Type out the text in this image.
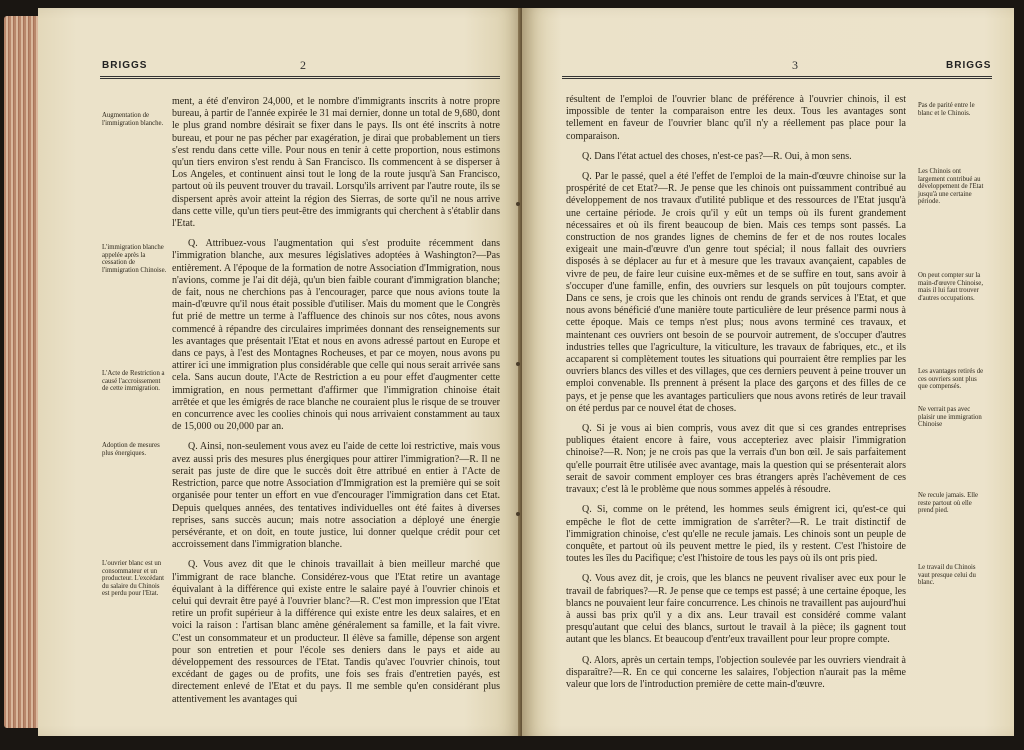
BRIGGS	2
Augmentation de l'immigration blanche.
L'immigration blanche appelée après la cessation de l'immigration Chinoise.
L'Acte de Restriction a causé l'accroissement de cette immigration.
Adoption de mesures plus énergiques.
L'ouvrier blanc est un consommateur et un producteur. L'excédant du salaire du Chinois est perdu pour l'Etat.

ment, a été d'environ 24,000, et le nombre d'immigrants inscrits à notre propre bureau, à partir de l'année expirée le 31 mai dernier, donne un total de 9,680, dont le plus grand nombre désirait se fixer dans le pays. Ils ont été inscrits à notre bureau, et pour ne pas pécher par exagération, je dirai que probablement un tiers s'est rendu dans cette ville. Pour nous en tenir à cette proportion, nous estimons qu'un tiers environ s'est rendu à San Francisco. Ils commencent à se disperser à Los Angeles, et continuent ainsi tout le long de la route jusqu'à San Francisco, partout où ils peuvent trouver du travail. Lorsqu'ils arrivent par l'autre route, ils se dispersent après avoir atteint la région des Sierras, de sorte qu'il ne nous arrive dans cette ville, qu'un tiers peut-être des immigrants qui cherchent à s'établir dans l'Etat.

Q. Attribuez-vous l'augmentation qui s'est produite récemment dans l'immigration blanche, aux mesures législatives adoptées à Washington?—Pas entièrement. A l'époque de la formation de notre Association d'Immigration, nous n'avions, comme je l'ai dit déjà, qu'un bien faible courant d'immigration blanche; de fait, nous ne cherchions pas à l'encourager, parce que nous avions toute la main-d'œuvre qu'il nous était possible d'utiliser. Mais du moment que le Congrès fut prié de mettre un terme à l'affluence des chinois sur nos côtes, nous avons commencé à répandre des circulaires imprimées donnant des renseignements sur les avantages que présentait l'Etat et nous en avons adressé partout en Europe et dans ce pays, à l'est des Montagnes Rocheuses, et par ce moyen, nous avons pu attirer ici une immigration plus considérable que celle qui nous serait arrivée sans cela. Sans aucun doute, l'Acte de Restriction a eu pour effet d'augmenter cette immigration, en nous permettant d'affirmer que l'immigration chinoise était arrêtée et que les émigrés de race blanche ne couraient plus le risque de se trouver en concurrence avec les coolies chinois qui nous arrivaient constamment au taux de 15,000 ou 20,000 par an.

Q. Ainsi, non-seulement vous avez eu l'aide de cette loi restrictive, mais vous avez aussi pris des mesures plus énergiques pour attirer l'immigration?—R. Il ne serait pas juste de dire que le succès doit être attribué en entier à l'Acte de Restriction, parce que notre Association d'Immigration est la première qui se soit organisée pour tenter un effort en vue d'encourager l'immigration dans cet Etat. Depuis quelques années, des tentatives individuelles ont été faites à diverses reprises, sans succès aucun; mais notre association a déployé une énergie persévérante, et on doit, en toute justice, lui donner quelque crédit pour cet accroissement dans l'immigration blanche.

Q. Vous avez dit que le chinois travaillait à bien meilleur marché que l'immigrant de race blanche. Considérez-vous que l'Etat retire un avantage équivalant à la différence qui existe entre le salaire payé à l'ouvrier chinois et celui qui devrait être payé à l'ouvrier blanc?—R. C'est mon impression que l'Etat retire un profit supérieur à la différence qui existe entre les deux salaires, et en voici la raison : l'artisan blanc amène généralement sa famille, et la fait vivre. C'est un consommateur et un producteur. Il élève sa famille, dépense son argent pour son entretien et pour l'école ses deniers dans le pays et aide au développement des ressources de l'Etat. Tandis qu'avec l'ouvrier chinois, tout excédant de gages ou de profits, une fois ses frais d'entretien payés, est directement enlevé de l'Etat et du pays. Il me semble qu'en considérant plus attentivement les avantages qui

3	BRIGGS

résultent de l'emploi de l'ouvrier blanc de préférence à l'ouvrier chinois, il est impossible de tenter la comparaison entre les deux. Tous les avantages sont tellement en faveur de l'ouvrier blanc qu'il n'y a réellement pas place pour la comparaison.

Q. Dans l'état actuel des choses, n'est-ce pas?—R. Oui, à mon sens.

Q. Par le passé, quel a été l'effet de l'emploi de la main-d'œuvre chinoise sur la prospérité de cet Etat?—R. Je pense que les chinois ont puissamment contribué au développement de nos travaux d'utilité publique et des ressources de l'Etat jusqu'à une certaine période. Je crois qu'il y eût un temps où ils furent grandement nécessaires et où ils firent beaucoup de bien. Mais ces temps sont passés. La construction de nos grandes lignes de chemins de fer et de nos routes locales exigeait une main-d'œuvre d'un genre tout spécial; il nous fallait des ouvriers disposés à se déplacer au fur et à mesure que les travaux avançaient, capables de vivre de peu, de faire leur cuisine eux-mêmes et de se suffire en tout, sans avoir à s'occuper d'une famille, enfin, des ouvriers sur lesquels on pût toujours compter. Dans ce sens, je crois que les chinois ont rendu de grands services à l'Etat, et que nous avons bénéficié d'une manière toute particulière de leur présence parmi nous à cette époque. Mais ce temps n'est plus; nous avons terminé ces travaux, et maintenant ces ouvriers ont besoin de se pourvoir autrement, de s'occuper d'autres industries telles que l'agriculture, la viticulture, les travaux de fabriques, etc., et ils accaparent si complètement toutes les situations qui pourraient être remplies par les ouvriers blancs des villes et des villages, que ces derniers peuvent à peine trouver un emploi convenable. Ils prennent à présent la place des garçons et des filles de ce pays, et je pense que les avantages particuliers que nous avons retirés de leur travail on été perdus par ce nouvel état de choses.

Q. Si je vous ai bien compris, vous avez dit que si ces grandes entreprises publiques étaient encore à faire, vous accepteriez avec plaisir l'immigration chinoise?—R. Non; je ne crois pas que la verrais d'un bon œil. Je sais parfaitement qu'elle pourrait être utilisée avec avantage, mais la question qui se présenterait alors serait de savoir comment employer ces bras étrangers après l'achèvement de ces travaux; c'est là le problème que nous sommes appelés à résoudre.

Q. Si, comme on le prétend, les hommes seuls émigrent ici, qu'est-ce qui empêche le flot de cette immigration de s'arrêter?—R. Le trait distinctif de l'immigration chinoise, c'est qu'elle ne recule jamais. Les chinois sont un peuple de conquête, et partout où ils peuvent mettre le pied, ils y restent. C'est l'histoire de toutes les îles du Pacifique; c'est l'histoire de tous les pays où ils ont pris pied.

Q. Vous avez dit, je crois, que les blancs ne peuvent rivaliser avec eux pour le travail de fabriques?—R. Je pense que ce temps est passé; à une certaine époque, les blancs ne pouvaient leur faire concurrence. Les chinois ne travaillent pas aujourd'hui à aussi bas prix qu'il y a dix ans. Leur travail est considéré comme valant presqu'autant que celui des blancs, surtout le travail à la pièce; ils gagnent tout autant que les blancs. Et beaucoup d'entr'eux travaillent pour leur propre compte.

Q. Alors, après un certain temps, l'objection soulevée par les ouvriers viendrait à disparaître?—R. En ce qui concerne les salaires, l'objection n'aurait pas la même valeur que lors de l'introduction première de cette main-d'œuvre.

Pas de parité entre le blanc et le Chinois.
Les Chinois ont largement contribué au développement de l'Etat jusqu'à une certaine période.
On peut compter sur la main-d'œuvre Chinoise, mais il lui faut trouver d'autres occupations.
Les avantages retirés de ces ouvriers sont plus que compensés.
Ne verrait pas avec plaisir une immigration Chinoise
Ne recule jamais. Elle reste partout où elle prend pied.
Le travail du Chinois vaut presque celui du blanc.
